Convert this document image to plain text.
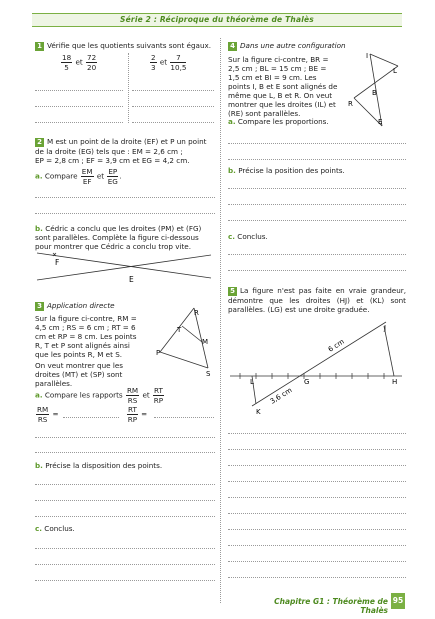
Série 2 : Réciproque du théorème de Thalès
1 Vérifie que les quotients suivants sont égaux.
$\frac{18}{5}$ et $\frac{72}{20}$	$\frac{2}{3}$ et $\frac{7}{10,5}$
2 M est un point de la droite (EF) et P un point de la droite (EG) tels que : EM = 2,6 cm ;
EP = 2,8 cm ; EF = 3,9 cm et EG = 4,2 cm.
a. Compare $\frac{EM}{EF}$ et $\frac{EP}{EG}$ .
b. Cédric a conclu que les droites (PM) et (FG) sont parallèles. Complète la figure ci-dessous pour montrer que Cédric a conclu trop vite.
F
E
3 Application directe
Sur la figure ci-contre, RM = 4,5 cm ; RS = 6 cm ; RT = 6 cm et RP = 8 cm. Les points R, T et P sont alignés ainsi que les points R, M et S.
On veut montrer que les droites (MT) et (SP) sont parallèles.
R
T
M
P
S
a. Compare les rapports $\frac{RM}{RS}$ et $\frac{RT}{RP}$
$\frac{RM}{RS}$ =	$\frac{RT}{RP}$ =
b. Précise la disposition des points.
c. Conclus.
4 Dans une autre configuration
Sur la figure ci-contre, BR = 2,5 cm ; BL = 15 cm ; BE = 1,5 cm et BI = 9 cm. Les points I, B et E sont alignés de même que L, B et R. On veut montrer que les droites (IL) et (RE) sont parallèles.
I
L
B
R
E
a. Compare les proportions.
b. Précise la position des points.
c. Conclus.
5 La figure n'est pas faite en vraie grandeur, démontre que les droites (HJ) et (KL) sont parallèles. (LG) est une droite graduée.
J
L	G	H
K
6 cm
3,6 cm
Chapitre G1 : Théorème de Thalès
95
